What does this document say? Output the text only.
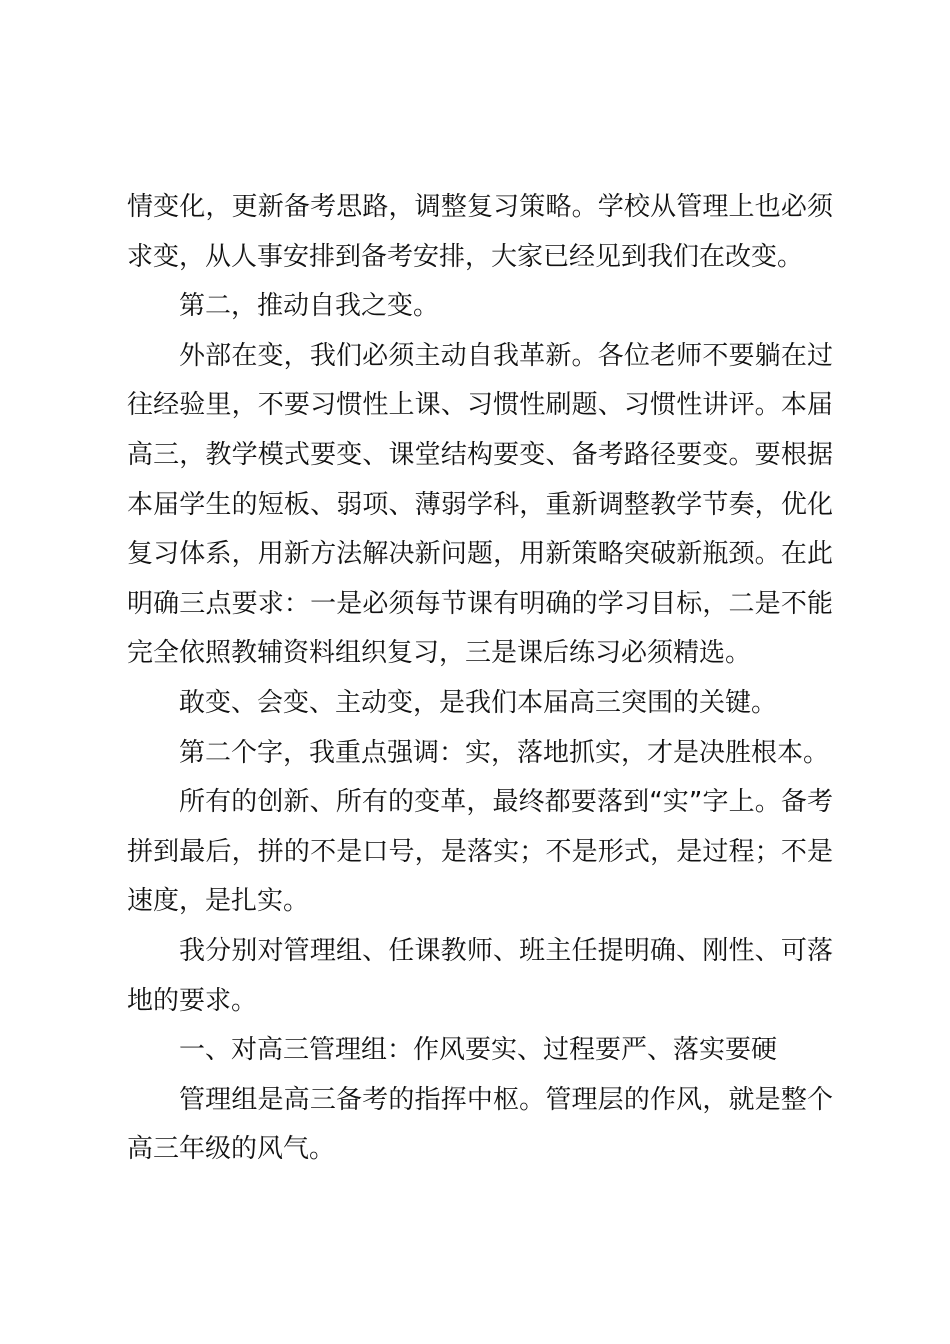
情变化，更新备考思路，调整复习策略。学校从管理上也必须求变，从人事安排到备考安排，大家已经见到我们在改变。

第二，推动自我之变。

外部在变，我们必须主动自我革新。各位老师不要躺在过往经验里，不要习惯性上课、习惯性刷题、习惯性讲评。本届高三，教学模式要变、课堂结构要变、备考路径要变。要根据本届学生的短板、弱项、薄弱学科，重新调整教学节奏，优化复习体系，用新方法解决新问题，用新策略突破新瓶颈。在此明确三点要求：一是必须每节课有明确的学习目标，二是不能完全依照教辅资料组织复习，三是课后练习必须精选。

敢变、会变、主动变，是我们本届高三突围的关键。

第二个字，我重点强调：实，落地抓实，才是决胜根本。

所有的创新、所有的变革，最终都要落到“实”字上。备考拼到最后，拼的不是口号，是落实；不是形式，是过程；不是速度，是扎实。

我分别对管理组、任课教师、班主任提明确、刚性、可落地的要求。

一、对高三管理组：作风要实、过程要严、落实要硬

管理组是高三备考的指挥中枢。管理层的作风，就是整个高三年级的风气。
